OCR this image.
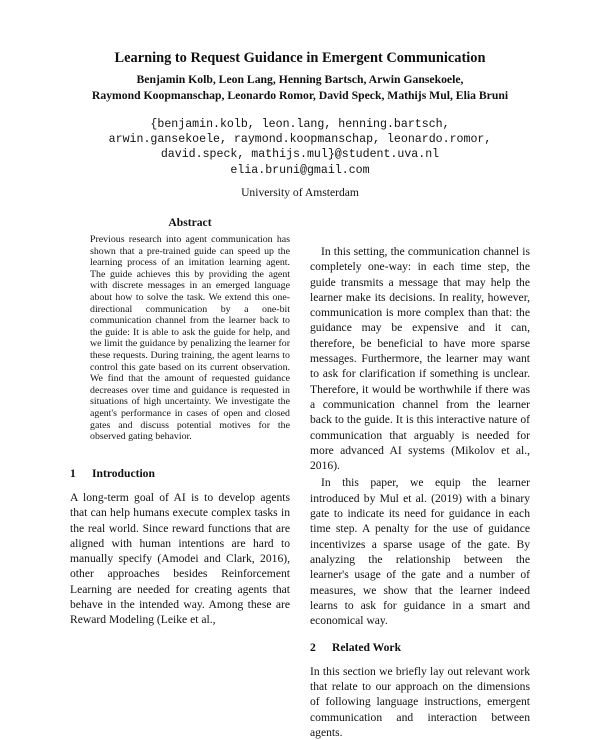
Learning to Request Guidance in Emergent Communication
Benjamin Kolb, Leon Lang, Henning Bartsch, Arwin Gansekoele,
Raymond Koopmanschap, Leonardo Romor, David Speck, Mathijs Mul, Elia Bruni
{benjamin.kolb, leon.lang, henning.bartsch,
arwin.gansekoele, raymond.koopmanschap, leonardo.romor,
david.speck, mathijs.mul}@student.uva.nl
elia.bruni@gmail.com
University of Amsterdam
Abstract

Previous research into agent communication has shown that a pre-trained guide can speed up the learning process of an imitation learning agent. The guide achieves this by providing the agent with discrete messages in an emerged language about how to solve the task. We extend this one-directional communication by a one-bit communication channel from the learner back to the guide: It is able to ask the guide for help, and we limit the guidance by penalizing the learner for these requests. During training, the agent learns to control this gate based on its current observation. We find that the amount of requested guidance decreases over time and guidance is requested in situations of high uncertainty. We investigate the agent's performance in cases of open and closed gates and discuss potential motives for the observed gating behavior.

1 Introduction

A long-term goal of AI is to develop agents that can help humans execute complex tasks in the real world. Since reward functions that are aligned with human intentions are hard to manually specify (Amodei and Clark, 2016), other approaches besides Reinforcement Learning are needed for creating agents that behave in the intended way. Among these are Reward Modeling (Leike et al.,

In this setting, the communication channel is completely one-way: in each time step, the guide transmits a message that may help the learner make its decisions. In reality, however, communication is more complex than that: the guidance may be expensive and it can, therefore, be beneficial to have more sparse messages. Furthermore, the learner may want to ask for clarification if something is unclear. Therefore, it would be worthwhile if there was a communication channel from the learner back to the guide. It is this interactive nature of communication that arguably is needed for more advanced AI systems (Mikolov et al., 2016).

In this paper, we equip the learner introduced by Mul et al. (2019) with a binary gate to indicate its need for guidance in each time step. A penalty for the use of guidance incentivizes a sparse usage of the gate. By analyzing the relationship between the learner's usage of the gate and a number of measures, we show that the learner indeed learns to ask for guidance in a smart and economical way.

2 Related Work

In this section we briefly lay out relevant work that relate to our approach on the dimensions of following language instructions, emergent communication and interaction between agents.
